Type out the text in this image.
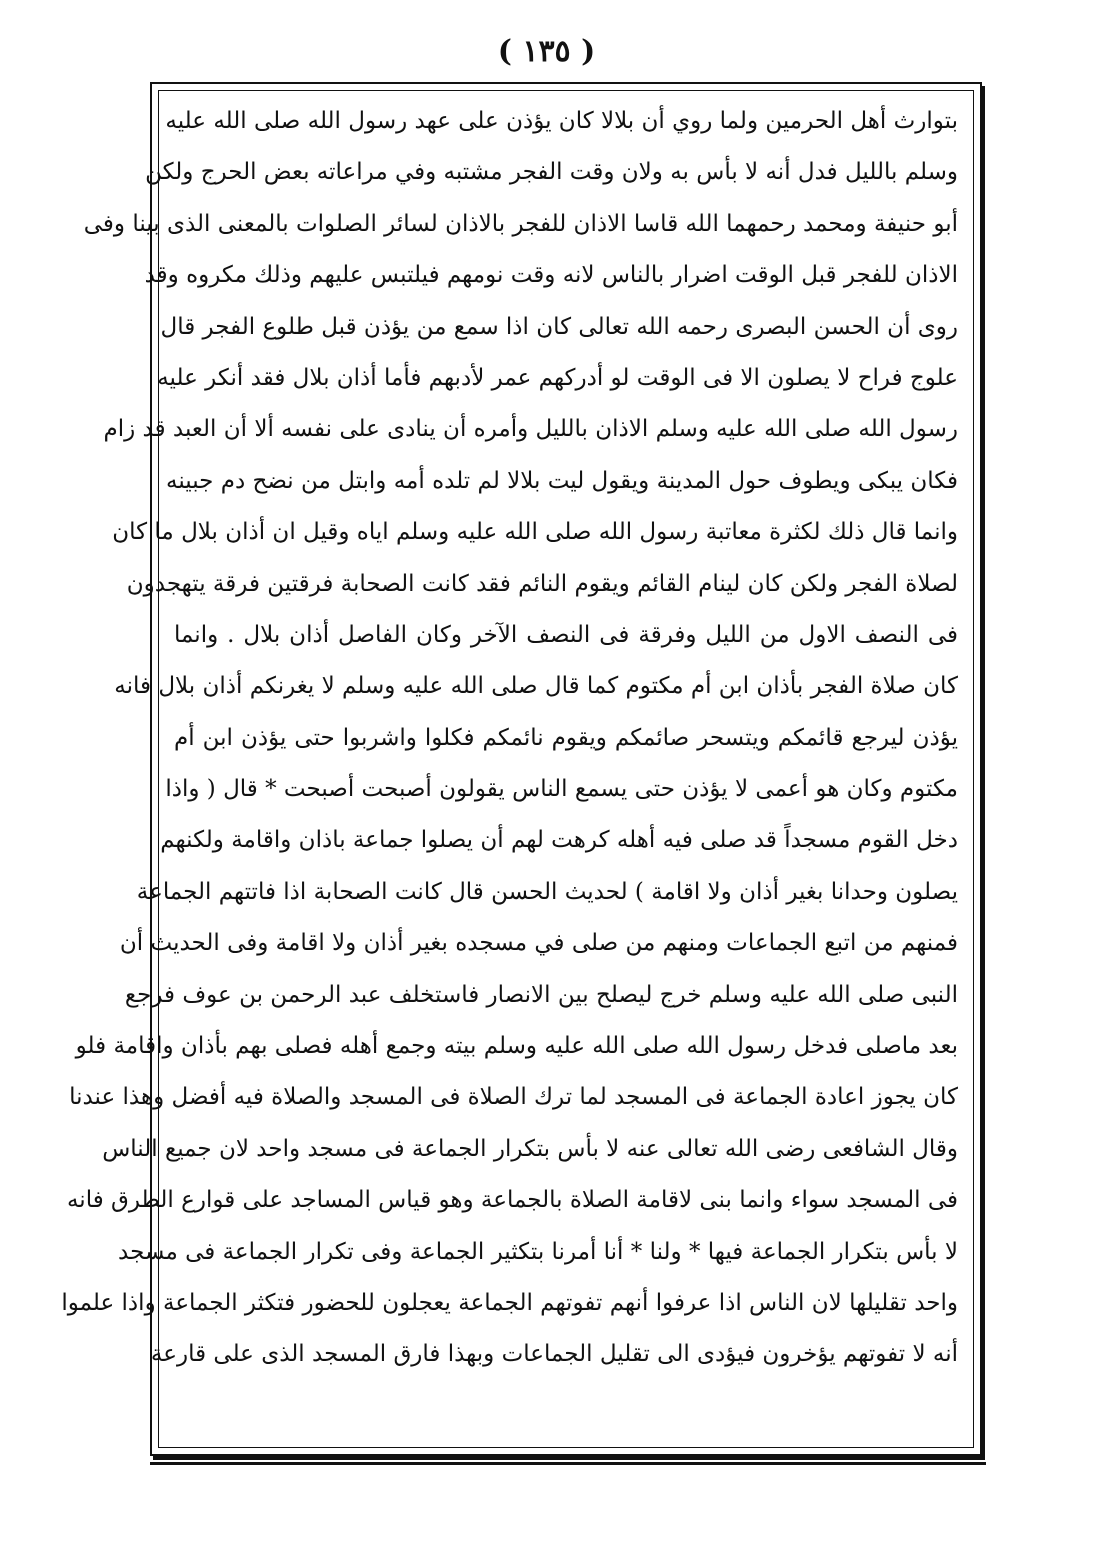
( ١٣٥ )
بتوارث أهل الحرمين ولما روي أن بلالا كان يؤذن على عهد رسول الله صلى الله عليه
وسلم بالليل فدل أنه لا بأس به ولان وقت الفجر مشتبه وفي مراعاته بعض الحرج ولكن
أبو حنيفة ومحمد رحمهما الله قاسا الاذان للفجر بالاذان لسائر الصلوات بالمعنى الذى بينا وفى
الاذان للفجر قبل الوقت اضرار بالناس لانه وقت نومهم فيلتبس عليهم وذلك مكروه وقد
روى أن الحسن البصرى رحمه الله تعالى كان اذا سمع من يؤذن قبل طلوع الفجر قال
علوج فراح لا يصلون الا فى الوقت لو أدركهم عمر لأدبهم فأما أذان بلال فقد أنكر عليه
رسول الله صلى الله عليه وسلم الاذان بالليل وأمره أن ينادى على نفسه ألا أن العبد قد زام
فكان يبكى ويطوف حول المدينة ويقول ليت بلالا لم تلده أمه وابتل من نضح دم جبينه
وانما قال ذلك لكثرة معاتبة رسول الله صلى الله عليه وسلم اياه وقيل ان أذان بلال ما كان
لصلاة الفجر ولكن كان لينام القائم ويقوم النائم فقد كانت الصحابة فرقتين فرقة يتهجدون
فى النصف الاول من الليل وفرقة فى النصف الآخر وكان الفاصل أذان بلال . وانما
كان صلاة الفجر بأذان ابن أم مكتوم كما قال صلى الله عليه وسلم لا يغرنكم أذان بلال فانه
يؤذن ليرجع قائمكم ويتسحر صائمكم ويقوم نائمكم فكلوا واشربوا حتى يؤذن ابن أم
مكتوم وكان هو أعمى لا يؤذن حتى يسمع الناس يقولون أصبحت أصبحت * قال ( واذا
دخل القوم مسجداً قد صلى فيه أهله كرهت لهم أن يصلوا جماعة باذان واقامة ولكنهم
يصلون وحدانا بغير أذان ولا اقامة ) لحديث الحسن قال كانت الصحابة اذا فاتتهم الجماعة
فمنهم من اتبع الجماعات ومنهم من صلى في مسجده بغير أذان ولا اقامة وفى الحديث أن
النبى صلى الله عليه وسلم خرج ليصلح بين الانصار فاستخلف عبد الرحمن بن عوف فرجع
بعد ماصلى فدخل رسول الله صلى الله عليه وسلم بيته وجمع أهله فصلى بهم بأذان واقامة فلو
كان يجوز اعادة الجماعة فى المسجد لما ترك الصلاة فى المسجد والصلاة فيه أفضل وهذا عندنا
وقال الشافعى رضى الله تعالى عنه لا بأس بتكرار الجماعة فى مسجد واحد لان جميع الناس
فى المسجد سواء وانما بنى لاقامة الصلاة بالجماعة وهو قياس المساجد على قوارع الطرق فانه
لا بأس بتكرار الجماعة فيها * ولنا * أنا أمرنا بتكثير الجماعة وفى تكرار الجماعة فى مسجد
واحد تقليلها لان الناس اذا عرفوا أنهم تفوتهم الجماعة يعجلون للحضور فتكثر الجماعة واذا علموا
أنه لا تفوتهم يؤخرون فيؤدى الى تقليل الجماعات وبهذا فارق المسجد الذى على قارعة
